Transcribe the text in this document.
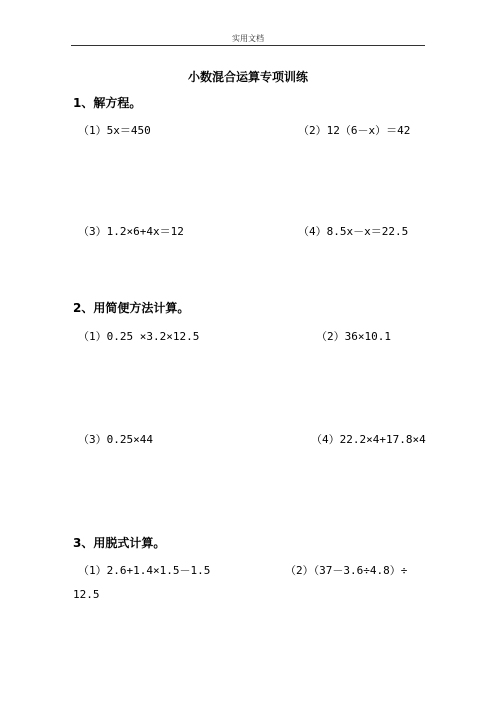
实用文档
小数混合运算专项训练
1、解方程。
（1）5x＝450	（2）12（6－x）＝42
（3）1.2×6+4x＝12	（4）8.5x－x＝22.5
2、用简便方法计算。
（1）0.25 ×3.2×12.5	（2）36×10.1
（3）0.25×44	（4）22.2×4+17.8×4
3、用脱式计算。
（1）2.6+1.4×1.5－1.5	（2）（37－3.6÷4.8）÷
12.5
